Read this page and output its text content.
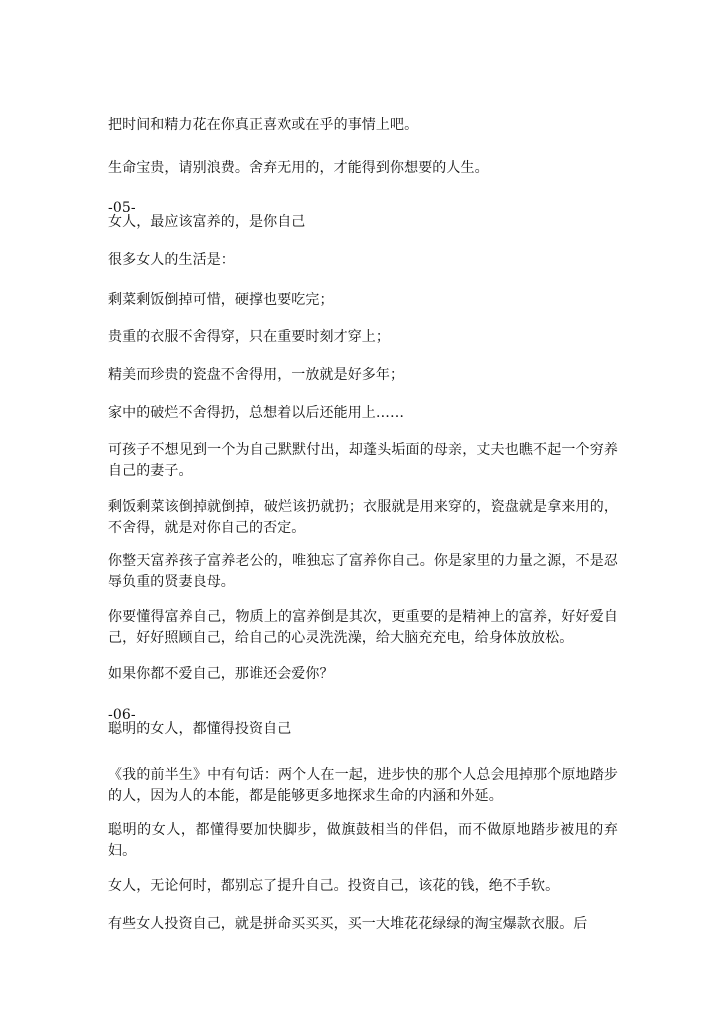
把时间和精力花在你真正喜欢或在乎的事情上吧。
生命宝贵，请别浪费。舍弃无用的，才能得到你想要的人生。
-05-
女人，最应该富养的，是你自己
很多女人的生活是：
剩菜剩饭倒掉可惜，硬撑也要吃完；
贵重的衣服不舍得穿，只在重要时刻才穿上；
精美而珍贵的瓷盘不舍得用，一放就是好多年；
家中的破烂不舍得扔，总想着以后还能用上……
可孩子不想见到一个为自己默默付出，却蓬头垢面的母亲，丈夫也瞧不起一个穷养自己的妻子。
剩饭剩菜该倒掉就倒掉，破烂该扔就扔；衣服就是用来穿的，瓷盘就是拿来用的，不舍得，就是对你自己的否定。
你整天富养孩子富养老公的，唯独忘了富养你自己。你是家里的力量之源，不是忍辱负重的贤妻良母。
你要懂得富养自己，物质上的富养倒是其次，更重要的是精神上的富养，好好爱自己，好好照顾自己，给自己的心灵洗洗澡，给大脑充充电，给身体放放松。
如果你都不爱自己，那谁还会爱你？
-06-
聪明的女人，都懂得投资自己
《我的前半生》中有句话：两个人在一起，进步快的那个人总会甩掉那个原地踏步的人，因为人的本能，都是能够更多地探求生命的内涵和外延。
聪明的女人，都懂得要加快脚步，做旗鼓相当的伴侣，而不做原地踏步被甩的弃妇。
女人，无论何时，都别忘了提升自己。投资自己，该花的钱，绝不手软。
有些女人投资自己，就是拼命买买买，买一大堆花花绿绿的淘宝爆款衣服。后
